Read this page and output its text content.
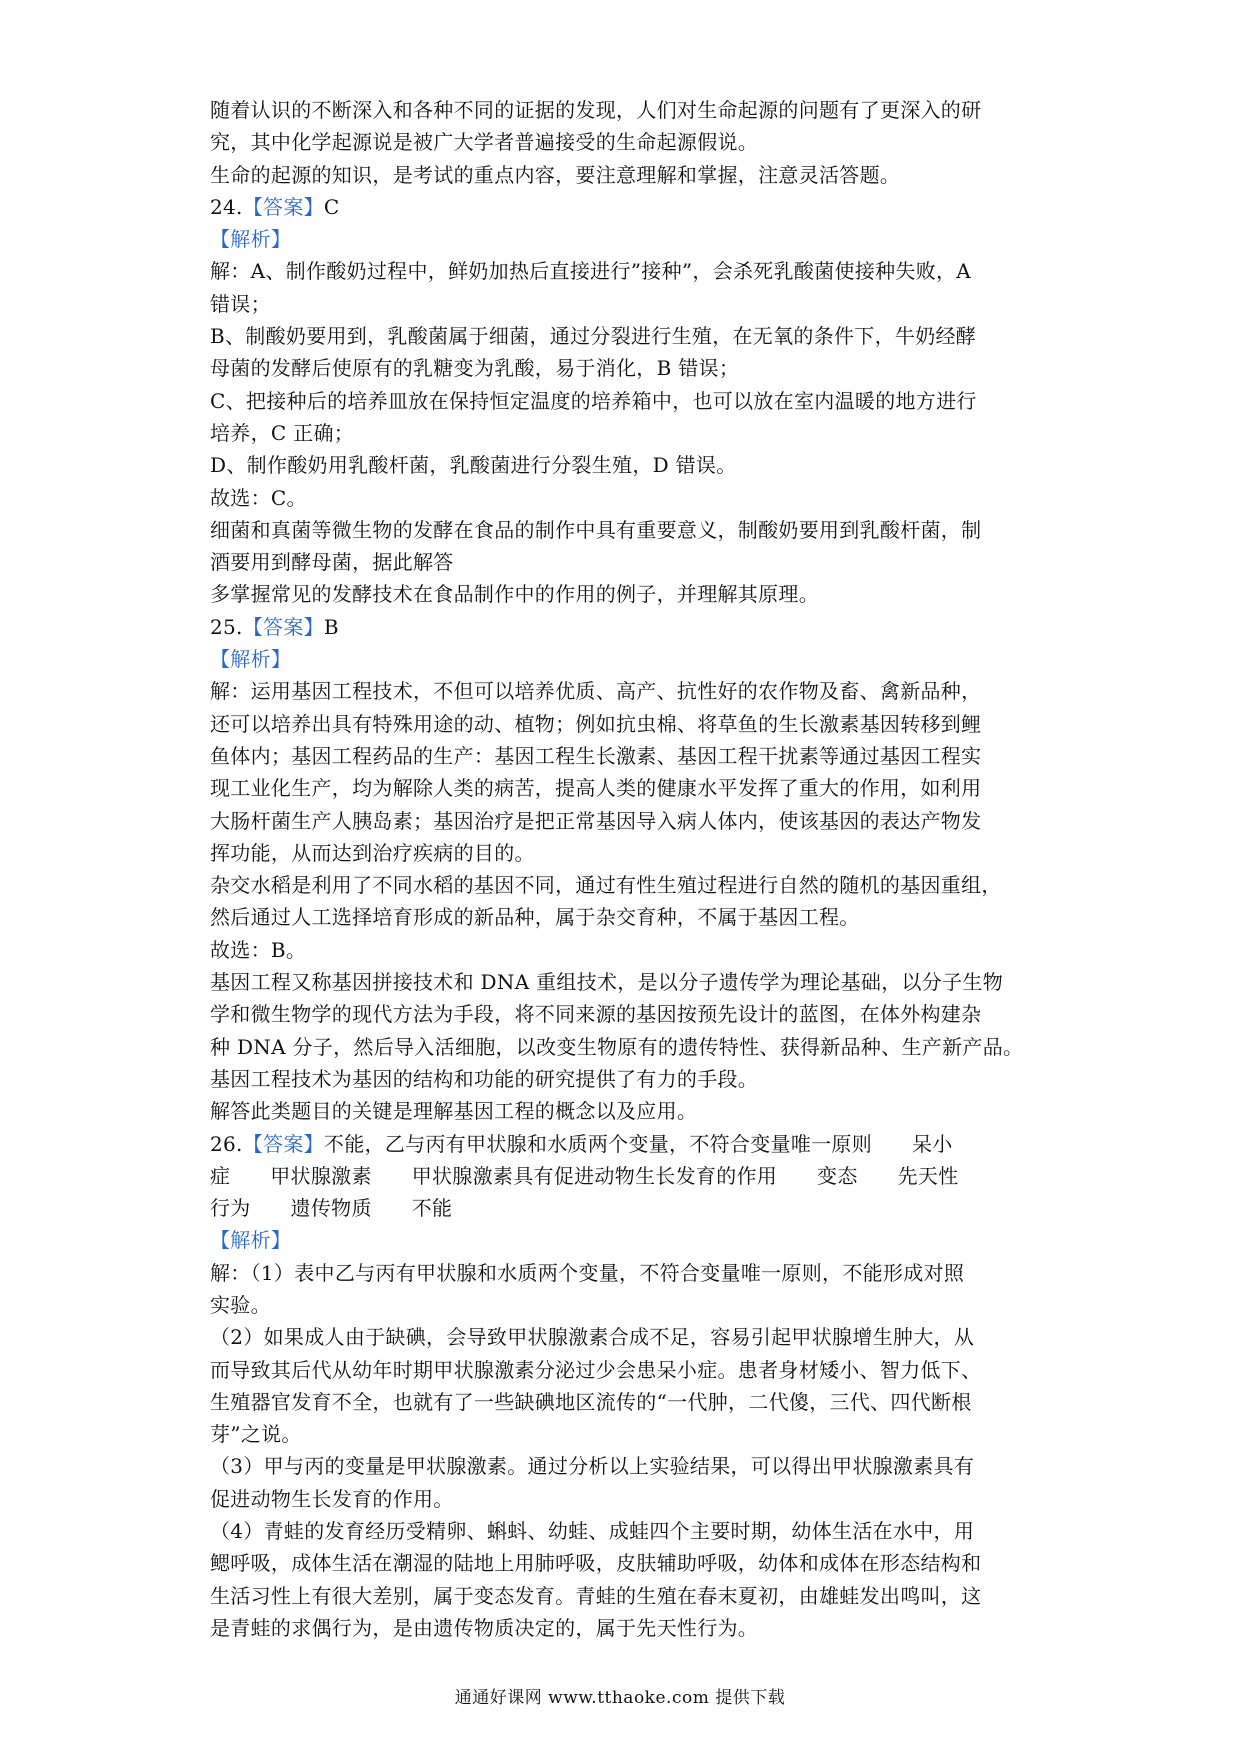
随着认识的不断深入和各种不同的证据的发现，人们对生命起源的问题有了更深入的研

究，其中化学起源说是被广大学者普遍接受的生命起源假说。

生命的起源的知识，是考试的重点内容，要注意理解和掌握，注意灵活答题。

24.【答案】C

【解析】

解：A、制作酸奶过程中，鲜奶加热后直接进行”接种”，会杀死乳酸菌使接种失败，A

错误；

B、制酸奶要用到，乳酸菌属于细菌，通过分裂进行生殖，在无氧的条件下，牛奶经酵

母菌的发酵后使原有的乳糖变为乳酸，易于消化，B 错误；

C、把接种后的培养皿放在保持恒定温度的培养箱中，也可以放在室内温暖的地方进行

培养，C 正确；

D、制作酸奶用乳酸杆菌，乳酸菌进行分裂生殖，D 错误。

故选：C。

细菌和真菌等微生物的发酵在食品的制作中具有重要意义，制酸奶要用到乳酸杆菌，制

酒要用到酵母菌，据此解答

多掌握常见的发酵技术在食品制作中的作用的例子，并理解其原理。

25.【答案】B

【解析】

解：运用基因工程技术，不但可以培养优质、高产、抗性好的农作物及畜、禽新品种，

还可以培养出具有特殊用途的动、植物；例如抗虫棉、将草鱼的生长激素基因转移到鲤

鱼体内；基因工程药品的生产：基因工程生长激素、基因工程干扰素等通过基因工程实

现工业化生产，均为解除人类的病苦，提高人类的健康水平发挥了重大的作用，如利用

大肠杆菌生产人胰岛素；基因治疗是把正常基因导入病人体内，使该基因的表达产物发

挥功能，从而达到治疗疾病的目的。

杂交水稻是利用了不同水稻的基因不同，通过有性生殖过程进行自然的随机的基因重组，

然后通过人工选择培育形成的新品种，属于杂交育种，不属于基因工程。

故选：B。

基因工程又称基因拼接技术和 DNA 重组技术，是以分子遗传学为理论基础，以分子生物

学和微生物学的现代方法为手段，将不同来源的基因按预先设计的蓝图，在体外构建杂

种 DNA 分子，然后导入活细胞，以改变生物原有的遗传特性、获得新品种、生产新产品。

基因工程技术为基因的结构和功能的研究提供了有力的手段。

解答此类题目的关键是理解基因工程的概念以及应用。

26.【答案】不能，乙与丙有甲状腺和水质两个变量，不符合变量唯一原则      呆小

症      甲状腺激素      甲状腺激素具有促进动物生长发育的作用      变态      先天性

行为      遗传物质      不能

【解析】

解：（1）表中乙与丙有甲状腺和水质两个变量，不符合变量唯一原则，不能形成对照

实验。

（2）如果成人由于缺碘，会导致甲状腺激素合成不足，容易引起甲状腺增生肿大，从

而导致其后代从幼年时期甲状腺激素分泌过少会患呆小症。患者身材矮小、智力低下、

生殖器官发育不全，也就有了一些缺碘地区流传的“一代肿，二代傻，三代、四代断根

芽”之说。

（3）甲与丙的变量是甲状腺激素。通过分析以上实验结果，可以得出甲状腺激素具有

促进动物生长发育的作用。

（4）青蛙的发育经历受精卵、蝌蚪、幼蛙、成蛙四个主要时期，幼体生活在水中，用

鳃呼吸，成体生活在潮湿的陆地上用肺呼吸，皮肤辅助呼吸，幼体和成体在形态结构和

生活习性上有很大差别，属于变态发育。青蛙的生殖在春末夏初，由雄蛙发出鸣叫，这

是青蛙的求偶行为，是由遗传物质决定的，属于先天性行为。

通通好课网 www.tthaoke.com 提供下载
